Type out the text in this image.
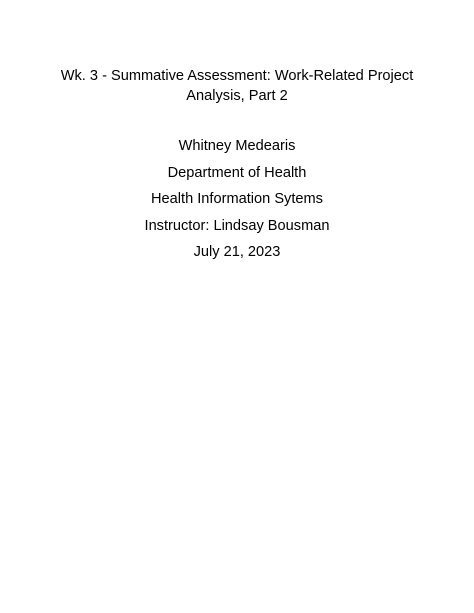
Wk. 3 - Summative Assessment: Work-Related Project
Analysis, Part 2
Whitney Medearis
Department of Health
Health Information Sytems
Instructor: Lindsay Bousman
July 21, 2023
